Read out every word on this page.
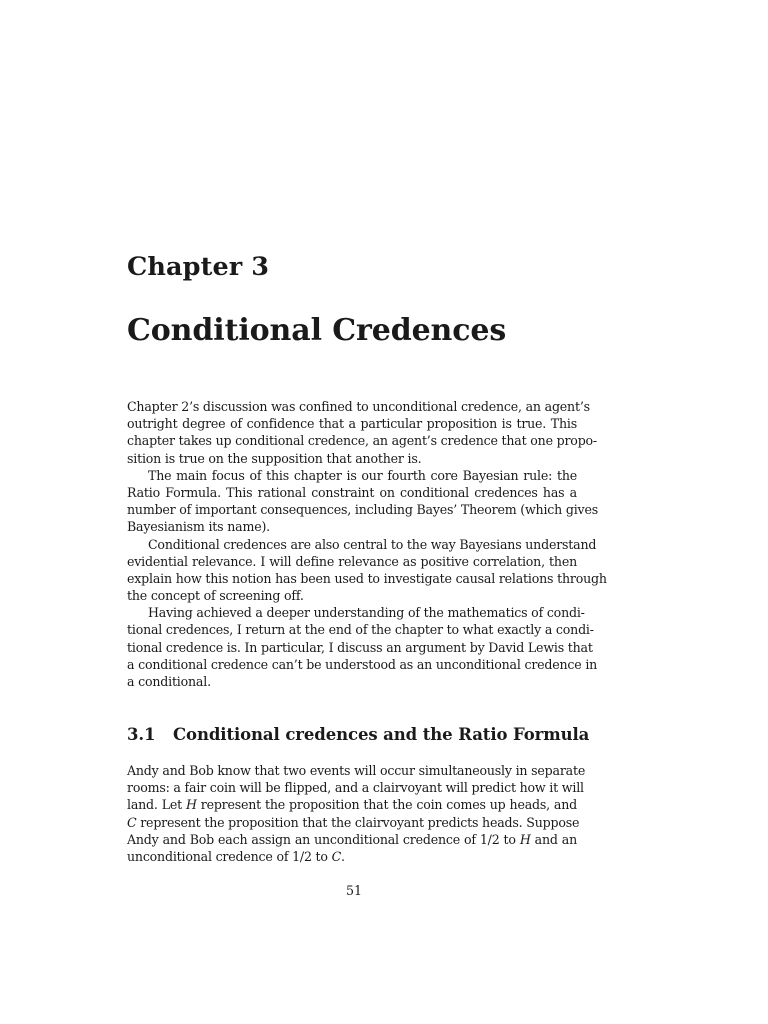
Chapter 3
Conditional Credences

Chapter 2’s discussion was confined to unconditional credence, an agent’s
outright degree of confidence that a particular proposition is true. This
chapter takes up conditional credence, an agent’s credence that one propo-
sition is true on the supposition that another is.

The main focus of this chapter is our fourth core Bayesian rule: the
Ratio Formula. This rational constraint on conditional credences has a
number of important consequences, including Bayes’ Theorem (which gives
Bayesianism its name).

Conditional credences are also central to the way Bayesians understand
evidential relevance. I will define relevance as positive correlation, then
explain how this notion has been used to investigate causal relations through
the concept of screening off.

Having achieved a deeper understanding of the mathematics of condi-
tional credences, I return at the end of the chapter to what exactly a condi-
tional credence is. In particular, I discuss an argument by David Lewis that
a conditional credence can’t be understood as an unconditional credence in
a conditional.

3.1 Conditional credences and the Ratio Formula

Andy and Bob know that two events will occur simultaneously in separate
rooms: a fair coin will be flipped, and a clairvoyant will predict how it will
land. Let H represent the proposition that the coin comes up heads, and
C represent the proposition that the clairvoyant predicts heads. Suppose
Andy and Bob each assign an unconditional credence of 1/2 to H and an
unconditional credence of 1/2 to C.

51
